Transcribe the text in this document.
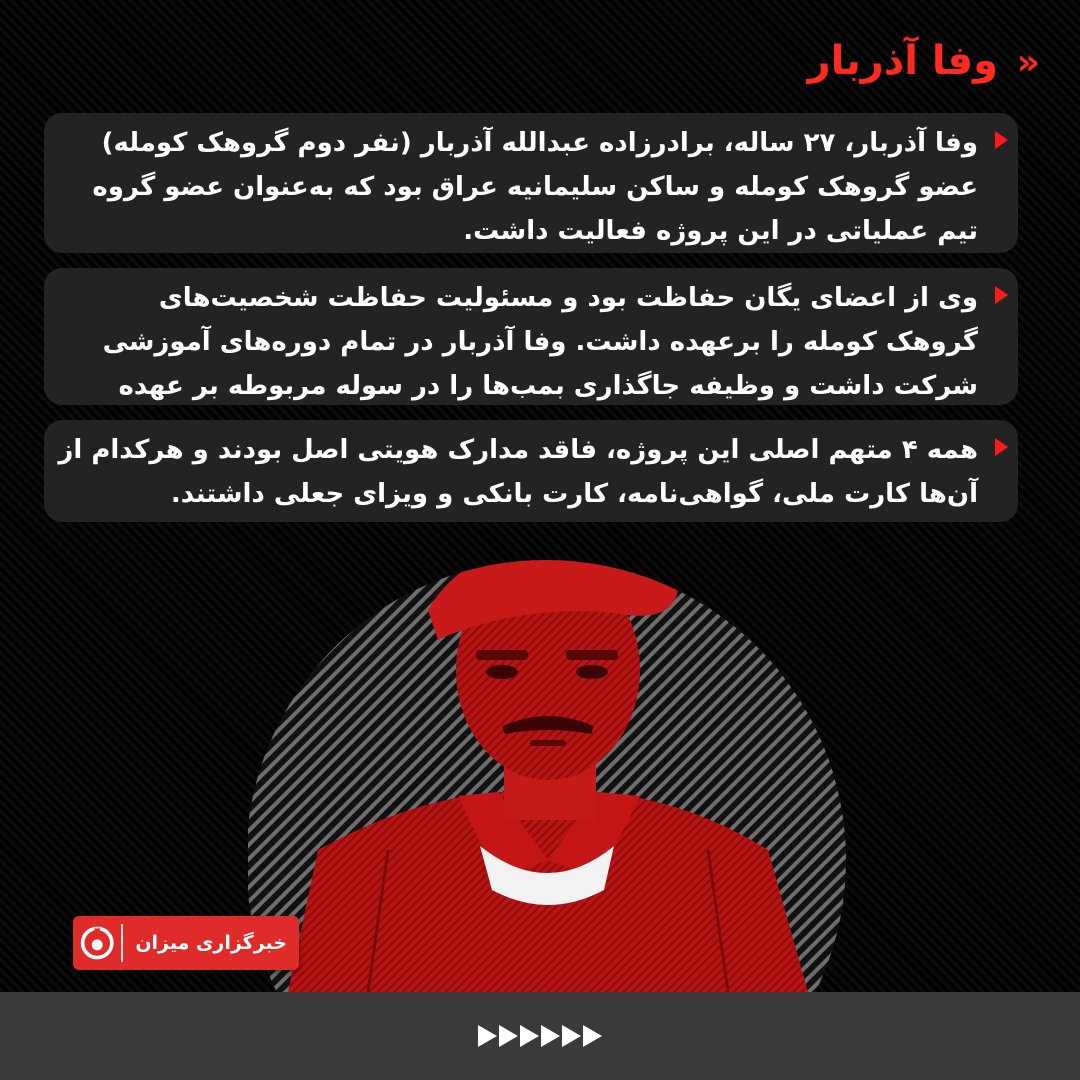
»
وفا آذربار
وفا آذربار، ۲۷ ساله، برادرزاده عبدالله آذربار (نفر دوم گروهک کومله) عضو گروهک کومله و ساکن سلیمانیه عراق بود که به‌عنوان عضو گروه تیم عملیاتی در این پروژه فعالیت داشت.
وی از اعضای یگان حفاظت بود و مسئولیت حفاظت شخصیت‌های گروهک کومله را برعهده داشت. وفا آذربار در تمام دوره‌های آموزشی شرکت داشت و وظیفه جاگذاری بمب‌ها را در سوله مربوطه بر عهده
همه ۴ متهم اصلی این پروژه، فاقد مدارک هویتی اصل بودند و هرکدام از آن‌ها کارت ملی، گواهی‌نامه، کارت بانکی و ویزای جعلی داشتند.
خبرگزاری میزان
